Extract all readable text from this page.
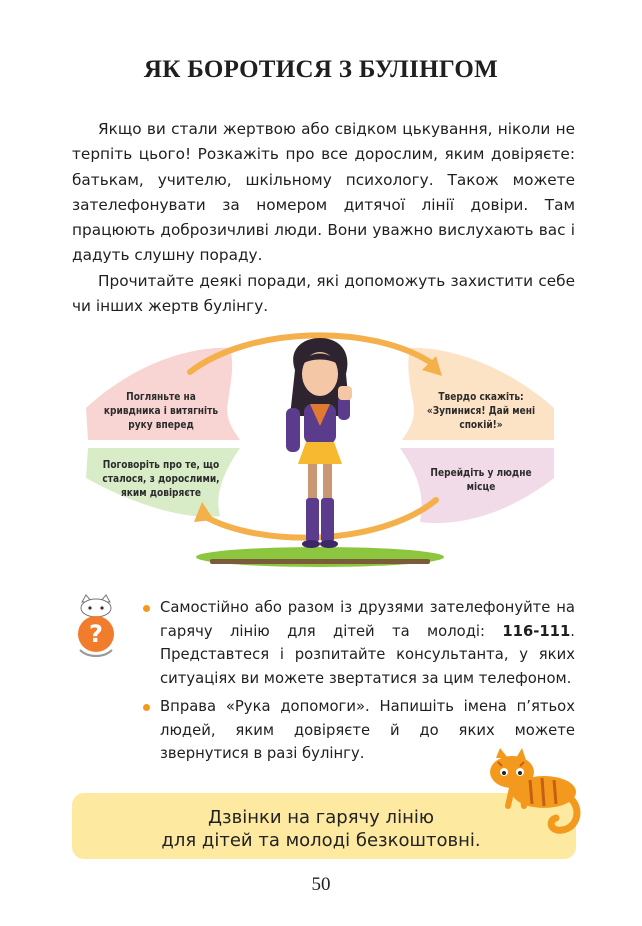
ЯК БОРОТИСЯ З БУЛІНГОМ

Якщо ви стали жертвою або свідком цькування, ніколи не терпіть цього! Розкажіть про все дорослим, яким довіряєте: батькам, учителю, шкільному психологу. Також можете зателефонувати за номером дитячої лінії довіри. Там працюють доброзичливі люди. Вони уважно вислухають вас і дадуть слушну пораду.

Прочитайте деякі поради, які допоможуть захистити себе чи інших жертв булінгу.

Погляньте на кривдника і витягніть руку вперед
Твердо скажіть: «Зупинися! Дай мені спокій!»
Поговоріть про те, що сталося, з дорослими, яким довіряєте
Перейдіть у людне місце
?
Самостійно або разом із друзями зателефонуйте на гарячу лінію для дітей та молоді: 116-111. Представтеся і розпитайте консультанта, у яких ситуаціях ви можете звертатися за цим телефоном.
Вправа «Рука допомоги». Напишіть імена п’ятьох людей, яким довіряєте й до яких можете звернутися в разі булінгу.
Дзвінки на гарячу лінію
для дітей та молоді безкоштовні.
50
